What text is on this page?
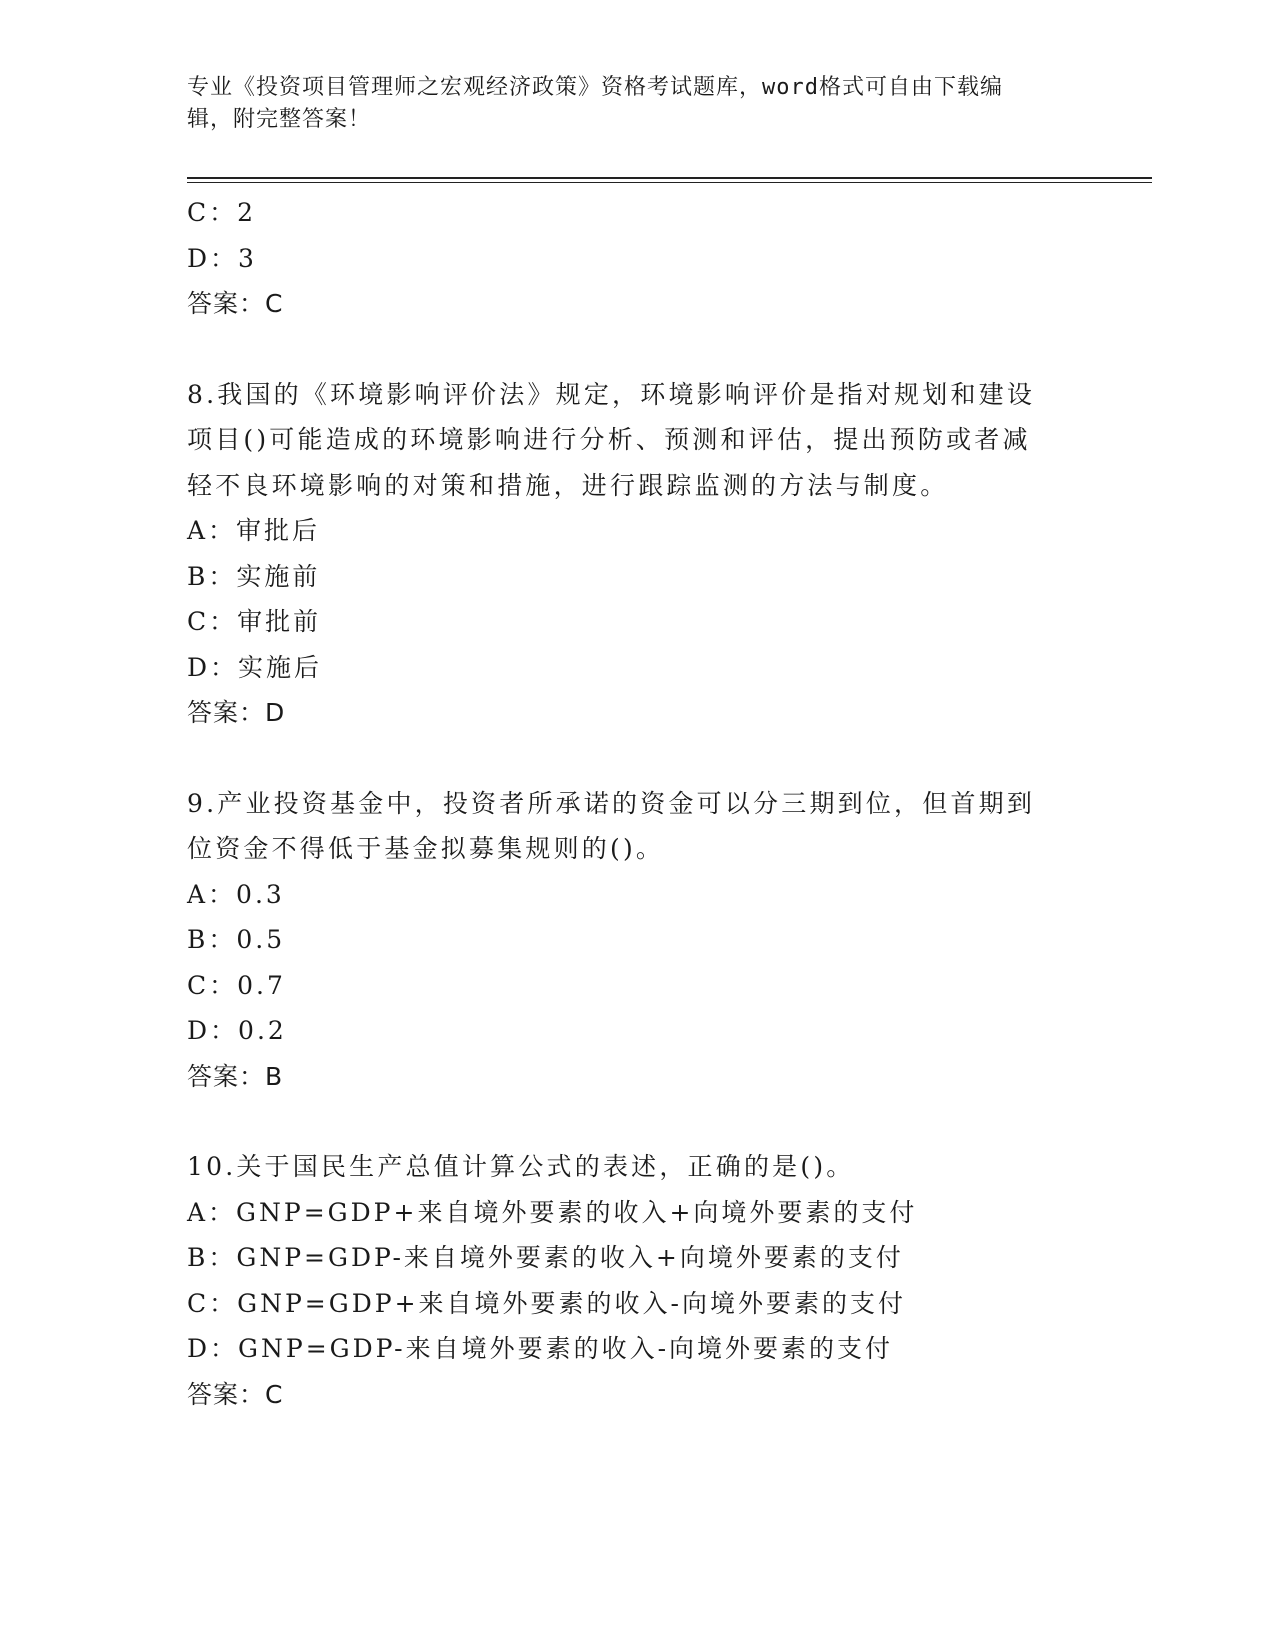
专业《投资项目管理师之宏观经济政策》资格考试题库，word格式可自由下载编
辑，附完整答案！
C：2
D：3
答案：C
8.我国的《环境影响评价法》规定，环境影响评价是指对规划和建设
项目()可能造成的环境影响进行分析、预测和评估，提出预防或者减
轻不良环境影响的对策和措施，进行跟踪监测的方法与制度。
A：审批后
B：实施前
C：审批前
D：实施后
答案：D
9.产业投资基金中，投资者所承诺的资金可以分三期到位，但首期到
位资金不得低于基金拟募集规则的()。
A：0.3
B：0.5
C：0.7
D：0.2
答案：B
10.关于国民生产总值计算公式的表述，正确的是()。
A：GNP=GDP+来自境外要素的收入+向境外要素的支付
B：GNP=GDP-来自境外要素的收入+向境外要素的支付
C：GNP=GDP+来自境外要素的收入-向境外要素的支付
D：GNP=GDP-来自境外要素的收入-向境外要素的支付
答案：C
